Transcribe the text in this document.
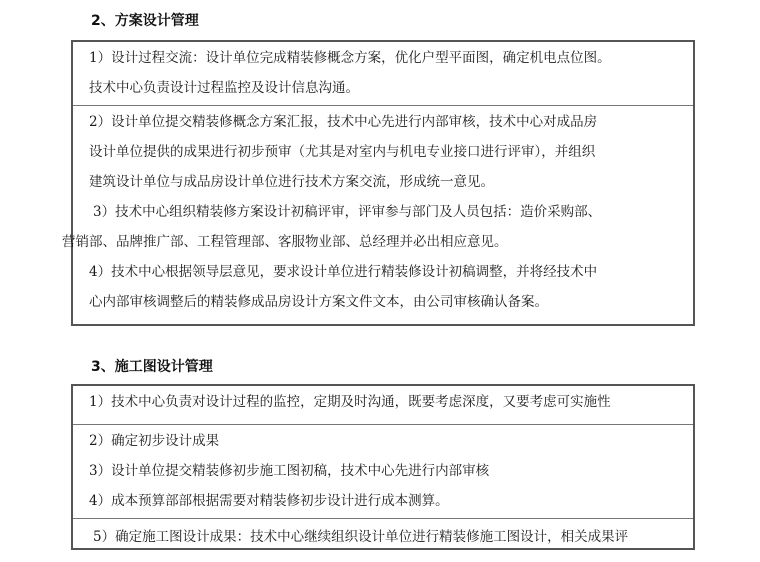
2、方案设计管理
1）设计过程交流：设计单位完成精装修概念方案，优化户型平面图，确定机电点位图。
技术中心负责设计过程监控及设计信息沟通。
2）设计单位提交精装修概念方案汇报，技术中心先进行内部审核，技术中心对成品房
设计单位提供的成果进行初步预审（尤其是对室内与机电专业接口进行评审），并组织
建筑设计单位与成品房设计单位进行技术方案交流，形成统一意见。
3）技术中心组织精装修方案设计初稿评审，评审参与部门及人员包括：造价采购部、
营销部、品牌推广部、工程管理部、客服物业部、总经理并必出相应意见。
4）技术中心根据领导层意见，要求设计单位进行精装修设计初稿调整，并将经技术中
心内部审核调整后的精装修成品房设计方案文件文本，由公司审核确认备案。
3、施工图设计管理
1）技术中心负责对设计过程的监控，定期及时沟通，既要考虑深度，又要考虑可实施性
2）确定初步设计成果
3）设计单位提交精装修初步施工图初稿，技术中心先进行内部审核
4）成本预算部部根据需要对精装修初步设计进行成本测算。
5）确定施工图设计成果：技术中心继续组织设计单位进行精装修施工图设计，相关成果评
